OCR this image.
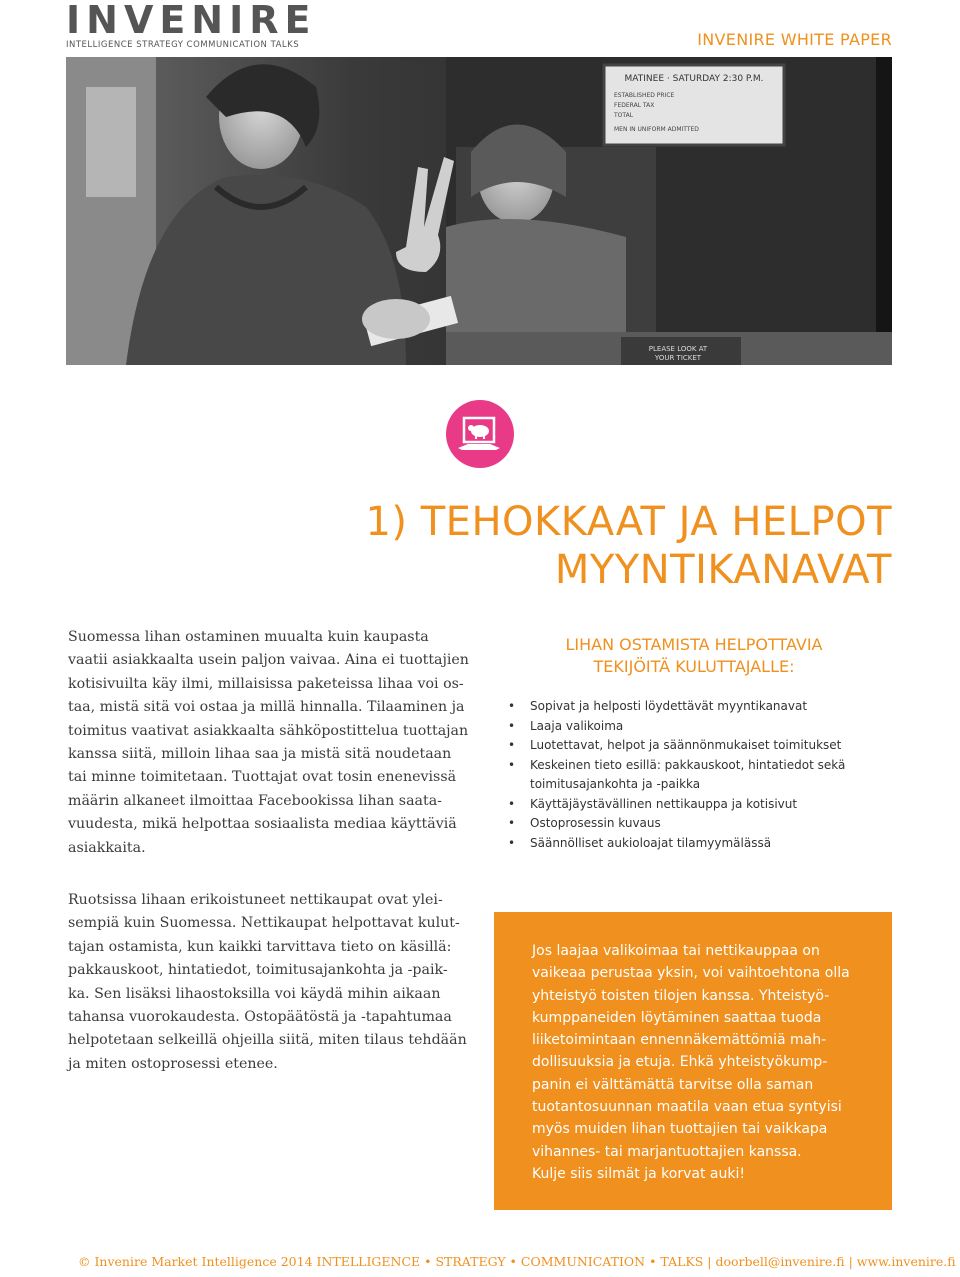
INVENIRE
INTELLIGENCE STRATEGY COMMUNICATION TALKS	INVENIRE WHITE PAPER
MATINEE · SATURDAY 2:30 P.M.
ESTABLISHED PRICE
FEDERAL TAX
TOTAL
MEN IN UNIFORM ADMITTED
PLEASE LOOK AT
YOUR TICKET
1) TEHOKKAAT JA HELPOT
MYYNTIKANAVAT
Suomessa lihan ostaminen muualta kuin kaupasta
vaatii asiakkaalta usein paljon vaivaa. Aina ei tuottajien
kotisivuilta käy ilmi, millaisissa paketeissa lihaa voi os-
taa, mistä sitä voi ostaa ja millä hinnalla. Tilaaminen ja
toimitus vaativat asiakkaalta sähköpostittelua tuottajan
kanssa siitä, milloin lihaa saa ja mistä sitä noudetaan
tai minne toimitetaan. Tuottajat ovat tosin enenevissä
määrin alkaneet ilmoittaa Facebookissa lihan saata-
vuudesta, mikä helpottaa sosiaalista mediaa käyttäviä
asiakkaita.
Ruotsissa lihaan erikoistuneet nettikaupat ovat ylei-
sempiä kuin Suomessa. Nettikaupat helpottavat kulut-
tajan ostamista, kun kaikki tarvittava tieto on käsillä:
pakkauskoot, hintatiedot, toimitusajankohta ja -paik-
ka. Sen lisäksi lihaostoksilla voi käydä mihin aikaan
tahansa vuorokaudesta. Ostopäätöstä ja -tapahtumaa
helpotetaan selkeillä ohjeilla siitä, miten tilaus tehdään
ja miten ostoprosessi etenee.
LIHAN OSTAMISTA HELPOTTAVIA
TEKIJÖITÄ KULUTTAJALLE:
• Sopivat ja helposti löydettävät myyntikanavat
• Laaja valikoima
• Luotettavat, helpot ja säännönmukaiset toimitukset
• Keskeinen tieto esillä: pakkauskoot, hintatiedot sekä
toimitusajankohta ja -paikka
• Käyttäjäystävällinen nettikauppa ja kotisivut
• Ostoprosessin kuvaus
• Säännölliset aukioloajat tilamyymälässä
Jos laajaa valikoimaa tai nettikauppaa on
vaikeaa perustaa yksin, voi vaihtoehtona olla
yhteistyö toisten tilojen kanssa. Yhteistyö-
kumppaneiden löytäminen saattaa tuoda
liiketoimintaan ennennäkemättömiä mah-
dollisuuksia ja etuja. Ehkä yhteistyökump-
panin ei välttämättä tarvitse olla saman
tuotantosuunnan maatila vaan etua syntyisi
myös muiden lihan tuottajien tai vaikkapa
vihannes- tai marjantuottajien kanssa.
Kulje siis silmät ja korvat auki!
© Invenire Market Intelligence 2014 INTELLIGENCE • STRATEGY • COMMUNICATION • TALKS | doorbell@invenire.fi | www.invenire.fi
